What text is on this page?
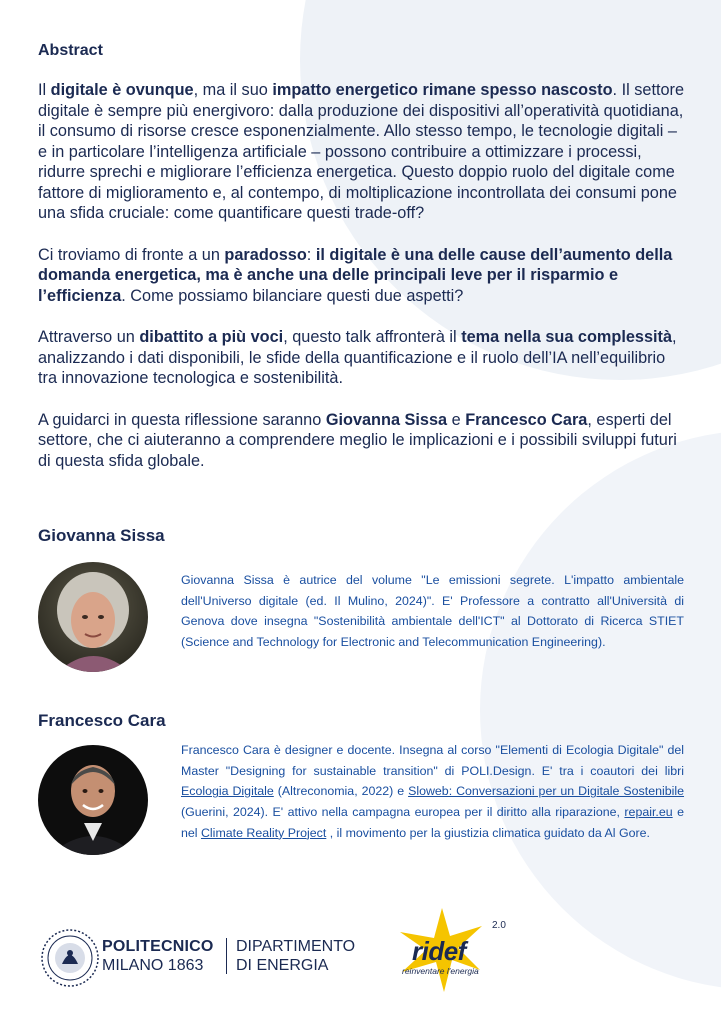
Abstract

Il digitale è ovunque, ma il suo impatto energetico rimane spesso nascosto. Il settore digitale è sempre più energivoro: dalla produzione dei dispositivi all’operatività quotidiana, il consumo di risorse cresce esponenzialmente. Allo stesso tempo, le tecnologie digitali – e in particolare l’intelligenza artificiale – possono contribuire a ottimizzare i processi, ridurre sprechi e migliorare l’efficienza energetica. Questo doppio ruolo del digitale come fattore di miglioramento e, al contempo, di moltiplicazione incontrollata dei consumi pone una sfida cruciale: come quantificare questi trade-off?

Ci troviamo di fronte a un paradosso: il digitale è una delle cause dell’aumento della domanda energetica, ma è anche una delle principali leve per il risparmio e l’efficienza. Come possiamo bilanciare questi due aspetti?

Attraverso un dibattito a più voci, questo talk affronterà il tema nella sua complessità, analizzando i dati disponibili, le sfide della quantificazione e il ruolo dell’IA nell’equilibrio tra innovazione tecnologica e sostenibilità.

A guidarci in questa riflessione saranno Giovanna Sissa e Francesco Cara, esperti del settore, che ci aiuteranno a comprendere meglio le implicazioni e i possibili sviluppi futuri di questa sfida globale.

Giovanna Sissa
Giovanna Sissa è autrice del volume "Le emissioni segrete. L'impatto ambientale dell'Universo digitale (ed. Il Mulino, 2024)". E' Professore a contratto all'Università di Genova dove insegna "Sostenibilità ambientale dell'ICT" al Dottorato di Ricerca STIET (Science and Technology for Electronic and Telecommunication Engineering).
Francesco Cara
Francesco Cara è designer e docente. Insegna al corso "Elementi di Ecologia Digitale" del Master "Designing for sustainable transition" di POLI.Design. E' tra i coautori dei libri Ecologia Digitale (Altreconomia, 2022) e Sloweb: Conversazioni per un Digitale Sostenibile (Guerini, 2024). E' attivo nella campagna europea per il diritto alla riparazione, repair.eu e nel Climate Reality Project , il movimento per la giustizia climatica guidato da Al Gore.
POLITECNICO
MILANO 1863
DIPARTIMENTO
DI ENERGIA	ridef
reinventare l'energia
2.0
